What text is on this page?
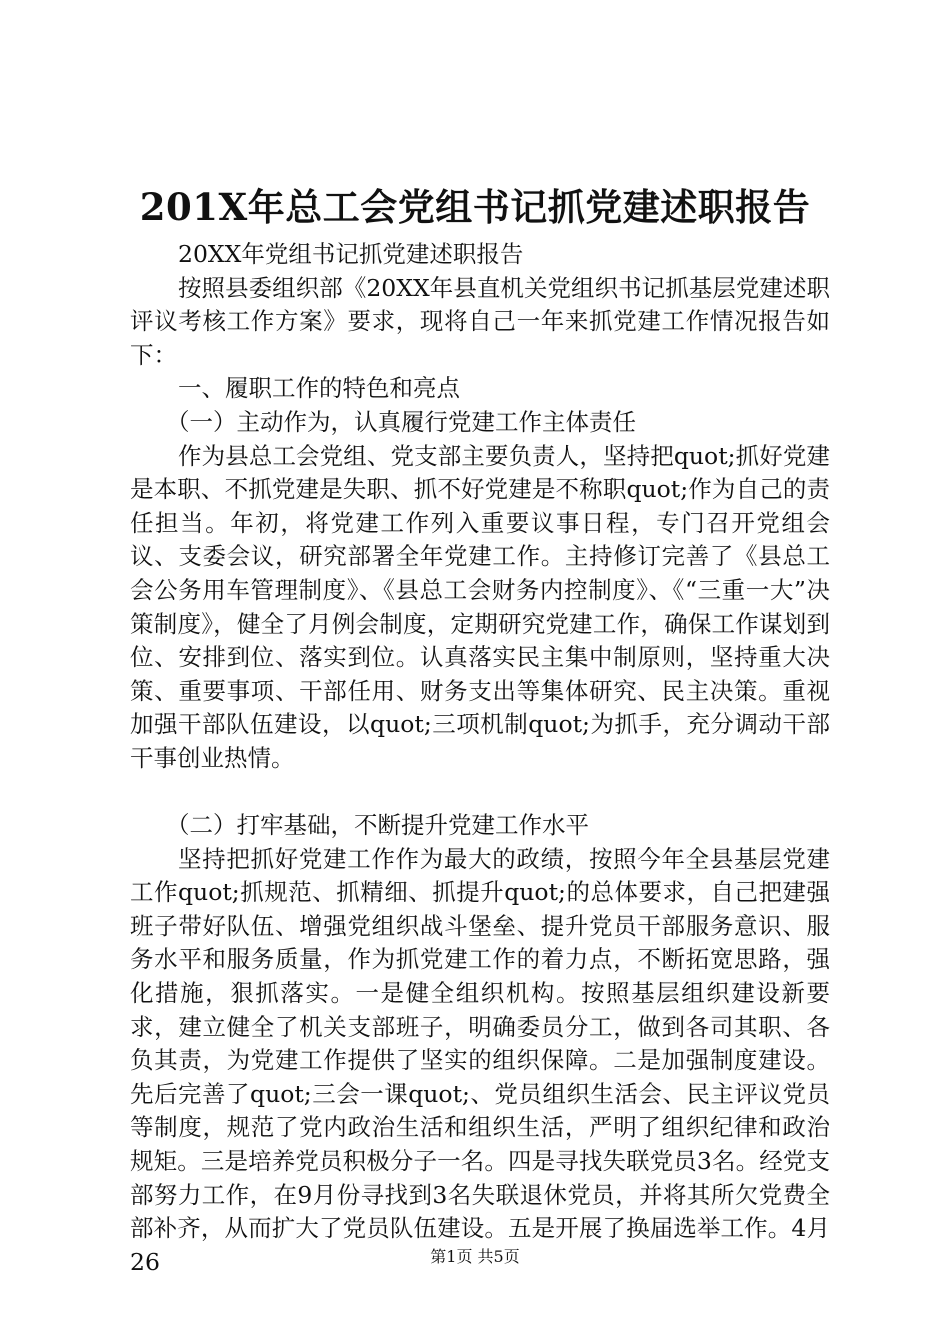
201X年总工会党组书记抓党建述职报告

20XX年党组书记抓党建述职报告

按照县委组织部《20XX年县直机关党组织书记抓基层党建述职评议考核工作方案》要求，现将自己一年来抓党建工作情况报告如下：

一、履职工作的特色和亮点

（一）主动作为，认真履行党建工作主体责任

作为县总工会党组、党支部主要负责人，坚持把quot;抓好党建是本职、不抓党建是失职、抓不好党建是不称职quot;作为自己的责任担当。年初，将党建工作列入重要议事日程，专门召开党组会议、支委会议，研究部署全年党建工作。主持修订完善了《县总工会公务用车管理制度》、《县总工会财务内控制度》、《“三重一大”决策制度》，健全了月例会制度，定期研究党建工作，确保工作谋划到位、安排到位、落实到位。认真落实民主集中制原则，坚持重大决策、重要事项、干部任用、财务支出等集体研究、民主决策。重视加强干部队伍建设，以quot;三项机制quot;为抓手，充分调动干部干事创业热情。

（二）打牢基础，不断提升党建工作水平

坚持把抓好党建工作作为最大的政绩，按照今年全县基层党建工作quot;抓规范、抓精细、抓提升quot;的总体要求，自己把建强班子带好队伍、增强党组织战斗堡垒、提升党员干部服务意识、服务水平和服务质量，作为抓党建工作的着力点，不断拓宽思路，强化措施，狠抓落实。一是健全组织机构。按照基层组织建设新要求，建立健全了机关支部班子，明确委员分工，做到各司其职、各负其责，为党建工作提供了坚实的组织保障。二是加强制度建设。先后完善了quot;三会一课quot;、党员组织生活会、民主评议党员等制度，规范了党内政治生活和组织生活，严明了组织纪律和政治规矩。三是培养党员积极分子一名。四是寻找失联党员3名。经党支部努力工作，在9月份寻找到3名失联退休党员，并将其所欠党费全部补齐，从而扩大了党员队伍建设。五是开展了换届选举工作。4月26	第1页 共5页
